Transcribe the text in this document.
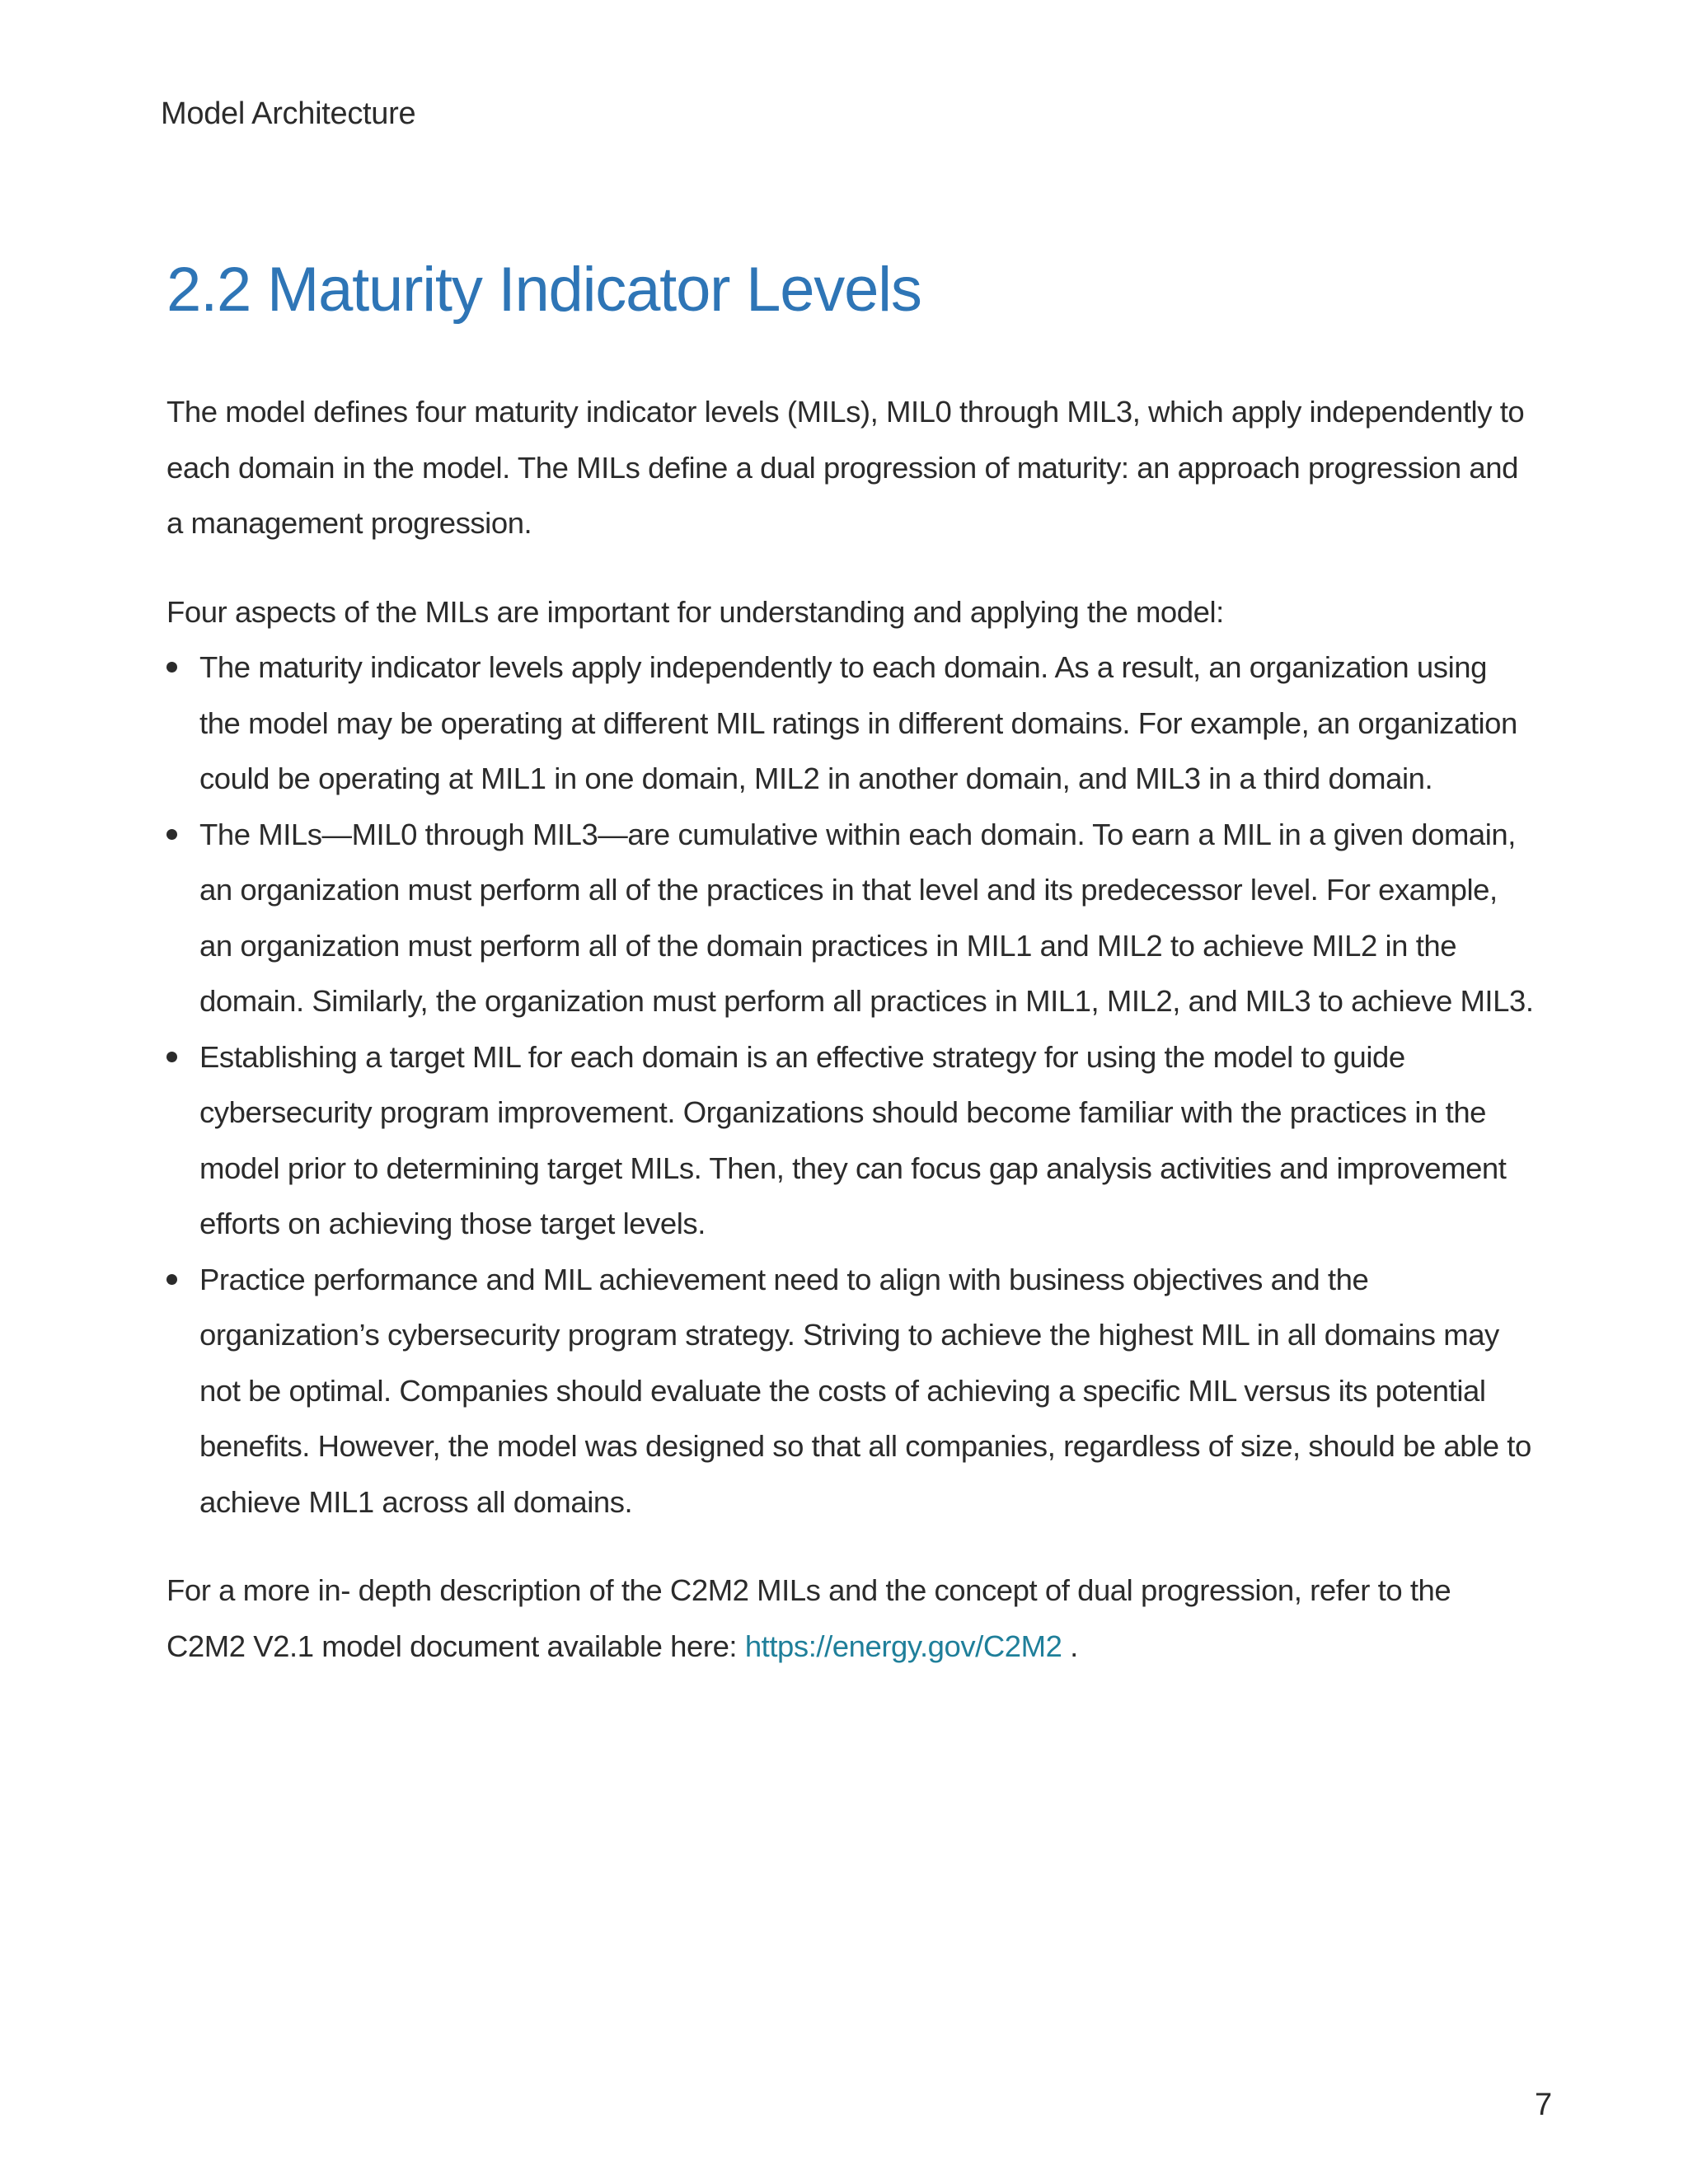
Model Architecture
2.2 Maturity Indicator Levels

The model defines four maturity indicator levels (MILs), MIL0 through MIL3, which apply independently to each domain in the model. The MILs define a dual progression of maturity: an approach progression and a management progression.

Four aspects of the MILs are important for understanding and applying the model:

The maturity indicator levels apply independently to each domain. As a result, an organization using the model may be operating at different MIL ratings in different domains. For example, an organization could be operating at MIL1 in one domain, MIL2 in another domain, and MIL3 in a third domain.
The MILs—MIL0 through MIL3—are cumulative within each domain. To earn a MIL in a given domain, an organization must perform all of the practices in that level and its predecessor level. For example, an organization must perform all of the domain practices in MIL1 and MIL2 to achieve MIL2 in the domain. Similarly, the organization must perform all practices in MIL1, MIL2, and MIL3 to achieve MIL3.
Establishing a target MIL for each domain is an effective strategy for using the model to guide cybersecurity program improvement. Organizations should become familiar with the practices in the model prior to determining target MILs. Then, they can focus gap analysis activities and improvement efforts on achieving those target levels.
Practice performance and MIL achievement need to align with business objectives and the organization’s cybersecurity program strategy. Striving to achieve the highest MIL in all domains may not be optimal. Companies should evaluate the costs of achieving a specific MIL versus its potential benefits. However, the model was designed so that all companies, regardless of size, should be able to achieve MIL1 across all domains.

For a more in- depth description of the C2M2 MILs and the concept of dual progression, refer to the C2M2 V2.1 model document available here: https://energy.gov/C2M2 .

7
